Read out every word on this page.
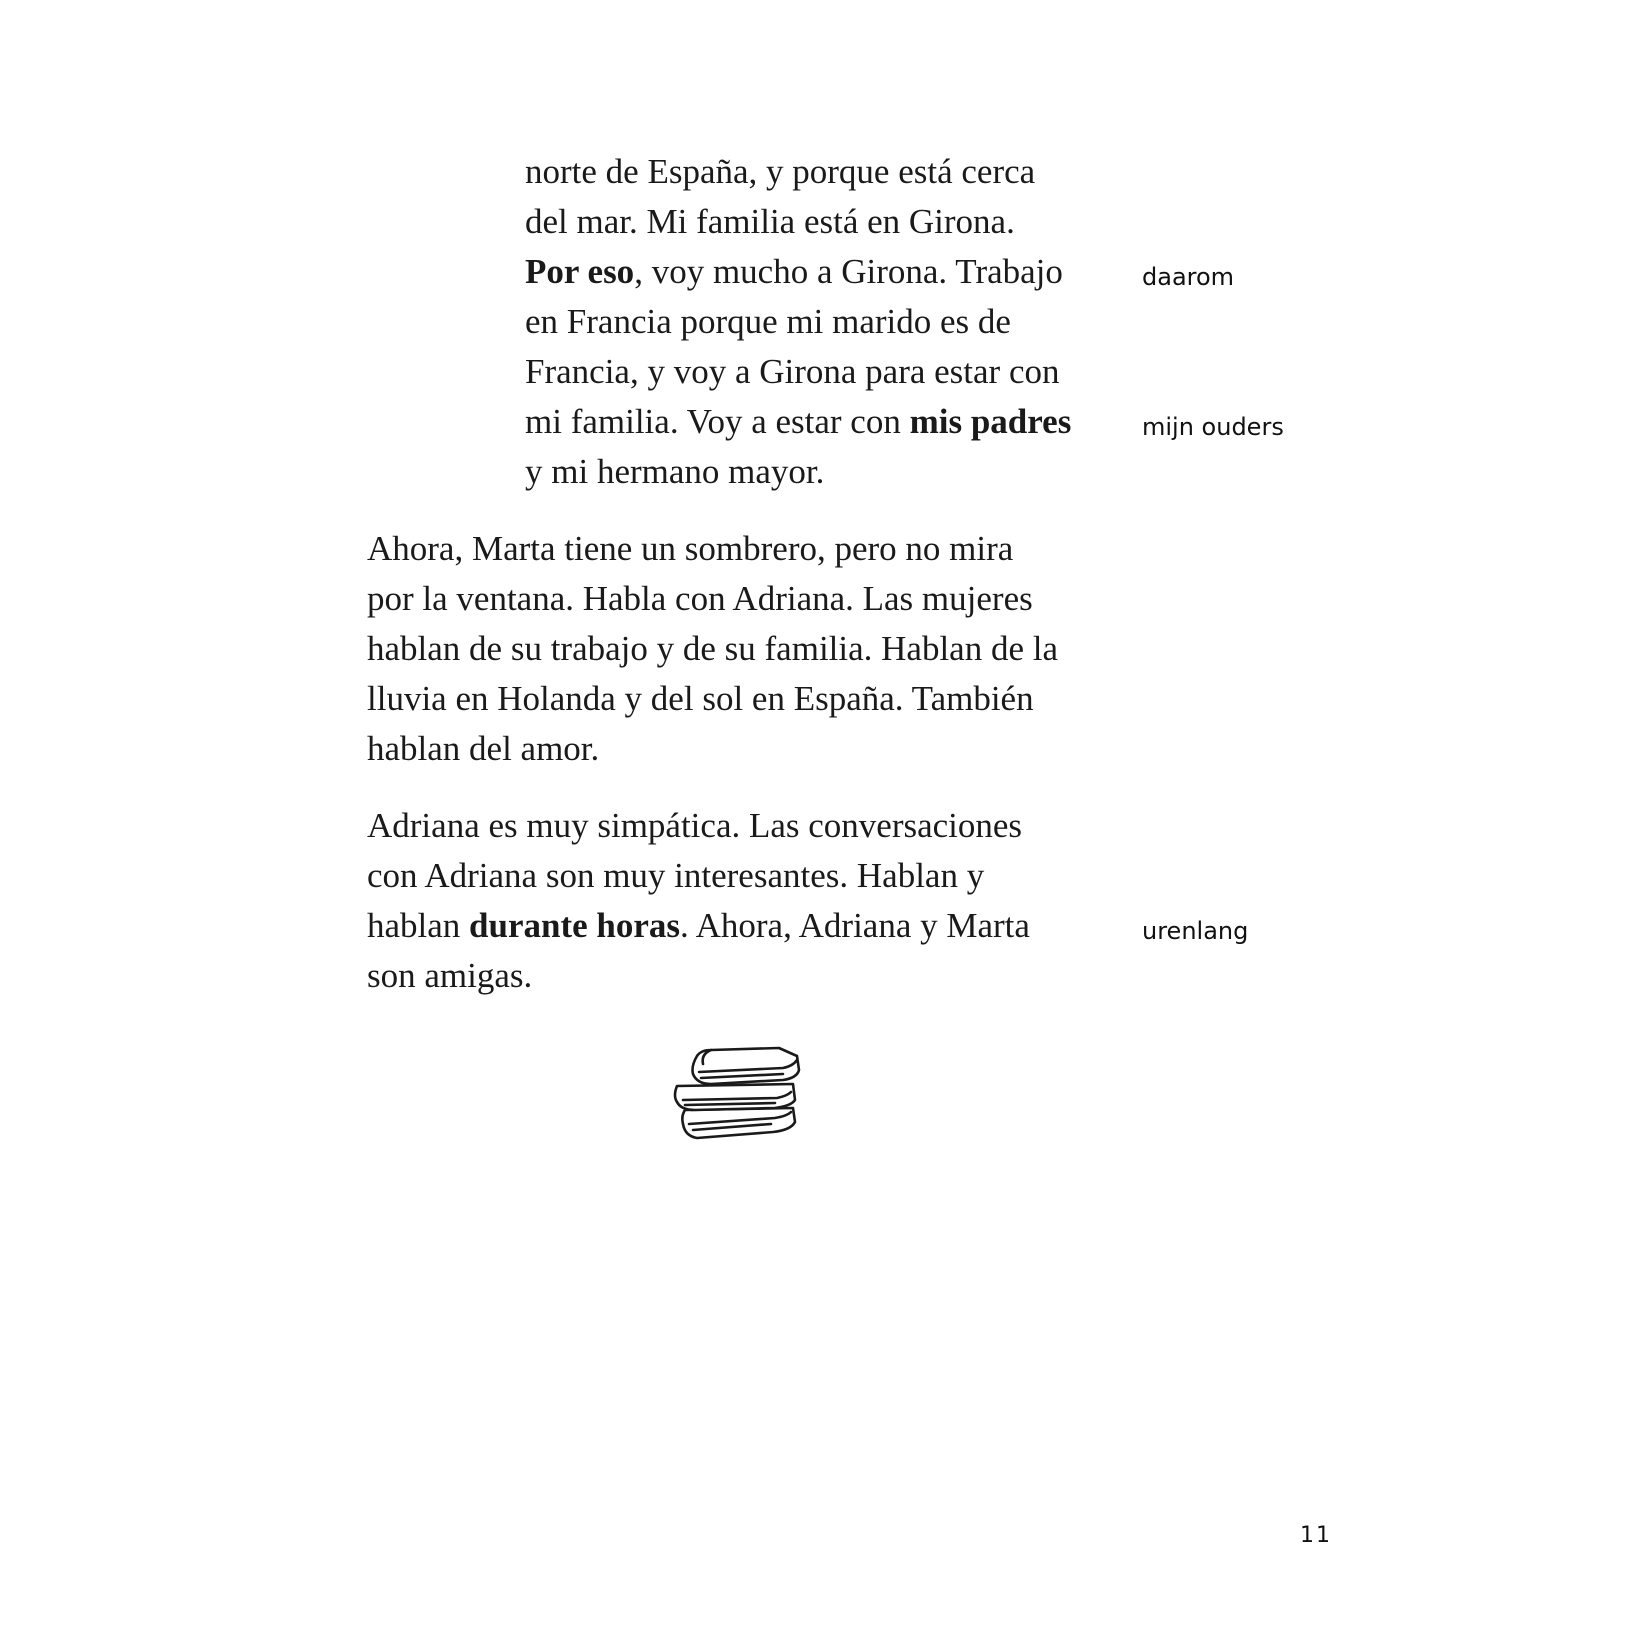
norte de España, y porque está cerca
del mar. Mi familia está en Girona.
Por eso, voy mucho a Girona. Trabajo
en Francia porque mi marido es de
Francia, y voy a Girona para estar con
mi familia. Voy a estar con mis padres
y mi hermano mayor.
Ahora, Marta tiene un sombrero, pero no mira
por la ventana. Habla con Adriana. Las mujeres
hablan de su trabajo y de su familia. Hablan de la
lluvia en Holanda y del sol en España. También
hablan del amor.
Adriana es muy simpática. Las conversaciones
con Adriana son muy interesantes. Hablan y
hablan durante horas. Ahora, Adriana y Marta
son amigas.
daarom
mijn ouders
urenlang
11
